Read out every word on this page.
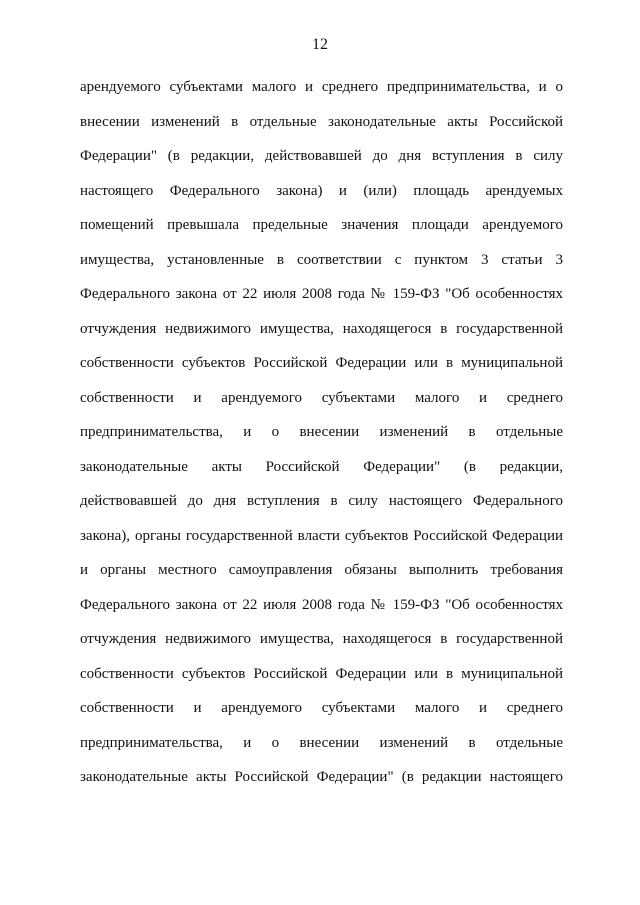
12
арендуемого субъектами малого и среднего предпринимательства, и о
внесении изменений в отдельные законодательные акты Российской
Федерации" (в редакции, действовавшей до дня вступления в силу
настоящего Федерального закона) и (или) площадь арендуемых
помещений превышала предельные значения площади арендуемого
имущества, установленные в соответствии с пунктом 3 статьи 3
Федерального закона от 22 июля 2008 года № 159-ФЗ "Об особенностях
отчуждения недвижимого имущества, находящегося в государственной
собственности субъектов Российской Федерации или в муниципальной
собственности и арендуемого субъектами малого и среднего
предпринимательства, и о внесении изменений в отдельные
законодательные акты Российской Федерации" (в редакции,
действовавшей до дня вступления в силу настоящего Федерального
закона), органы государственной власти субъектов Российской Федерации
и органы местного самоуправления обязаны выполнить требования
Федерального закона от 22 июля 2008 года № 159-ФЗ "Об особенностях
отчуждения недвижимого имущества, находящегося в государственной
собственности субъектов Российской Федерации или в муниципальной
собственности и арендуемого субъектами малого и среднего
предпринимательства, и о внесении изменений в отдельные
законодательные акты Российской Федерации" (в редакции настоящего
